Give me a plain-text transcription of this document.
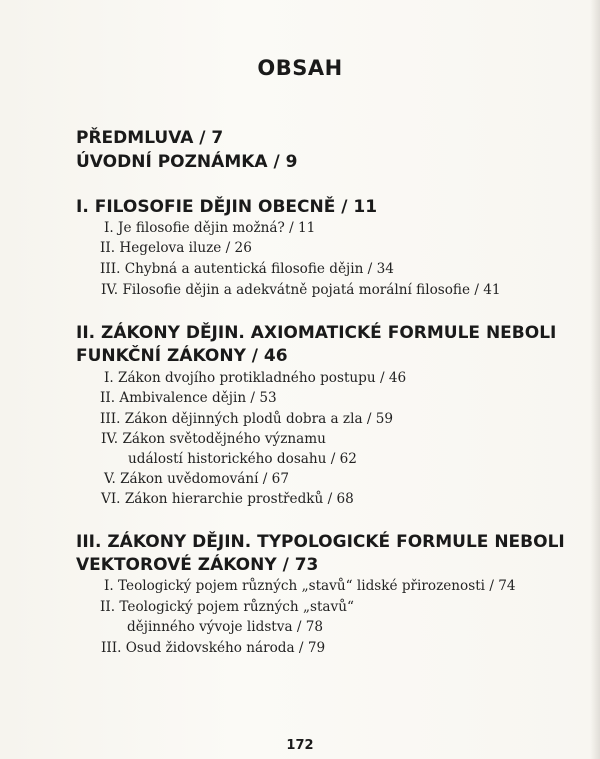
OBSAH
PŘEDMLUVA / 7
ÚVODNÍ POZNÁMKA / 9
I. FILOSOFIE DĚJIN OBECNĚ / 11
I. Je filosofie dějin možná? / 11
II. Hegelova iluze / 26
III. Chybná a autentická filosofie dějin / 34
IV. Filosofie dějin a adekvátně pojatá morální filosofie / 41
II. ZÁKONY DĚJIN. AXIOMATICKÉ FORMULE NEBOLI
FUNKČNÍ ZÁKONY / 46
I. Zákon dvojího protikladného postupu / 46
II. Ambivalence dějin / 53
III. Zákon dějinných plodů dobra a zla / 59
IV. Zákon světodějného významu
událostí historického dosahu / 62
V. Zákon uvědomování / 67
VI. Zákon hierarchie prostředků / 68
III. ZÁKONY DĚJIN. TYPOLOGICKÉ FORMULE NEBOLI
VEKTOROVÉ ZÁKONY / 73
I. Teologický pojem různých „stavů“ lidské přirozenosti / 74
II. Teologický pojem různých „stavů“
dějinného vývoje lidstva / 78
III. Osud židovského národa / 79
172
